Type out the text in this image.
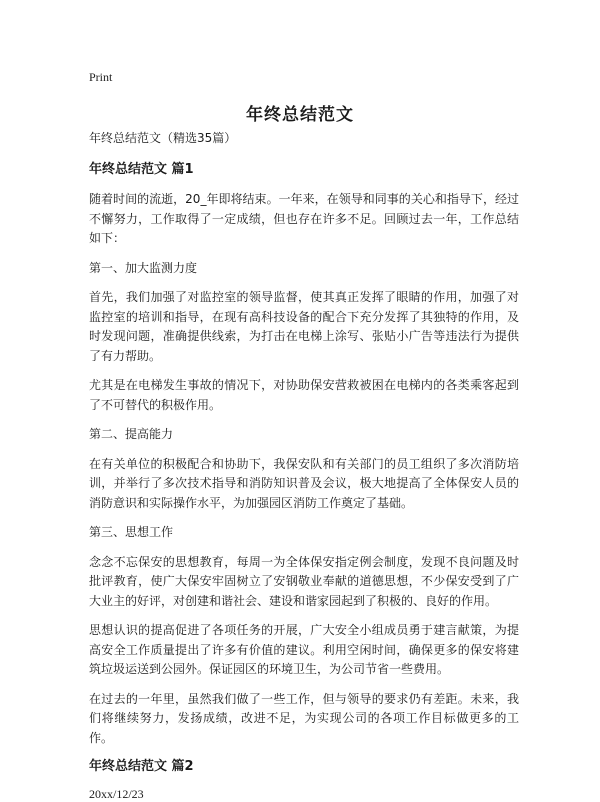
Print
年终总结范文
年终总结范文（精选35篇）
年终总结范文 篇1

随着时间的流逝，20_年即将结束。一年来，在领导和同事的关心和指导下，经过不懈努力，工作取得了一定成绩，但也存在许多不足。回顾过去一年，工作总结如下：

第一、加大监测力度

首先，我们加强了对监控室的领导监督，使其真正发挥了眼睛的作用，加强了对监控室的培训和指导，在现有高科技设备的配合下充分发挥了其独特的作用，及时发现问题，准确提供线索，为打击在电梯上涂写、张贴小广告等违法行为提供了有力帮助。

尤其是在电梯发生事故的情况下，对协助保安营救被困在电梯内的各类乘客起到了不可替代的积极作用。

第二、提高能力

在有关单位的积极配合和协助下，我保安队和有关部门的员工组织了多次消防培训，并举行了多次技术指导和消防知识普及会议，极大地提高了全体保安人员的消防意识和实际操作水平，为加强园区消防工作奠定了基础。

第三、思想工作

念念不忘保安的思想教育，每周一为全体保安指定例会制度，发现不良问题及时批评教育，使广大保安牢固树立了安钢敬业奉献的道德思想，不少保安受到了广大业主的好评，对创建和谐社会、建设和谐家园起到了积极的、良好的作用。

思想认识的提高促进了各项任务的开展，广大安全小组成员勇于建言献策，为提高安全工作质量提出了许多有价值的建议。利用空闲时间，确保更多的保安将建筑垃圾运送到公园外。保证园区的环境卫生，为公司节省一些费用。

在过去的一年里，虽然我们做了一些工作，但与领导的要求仍有差距。未来，我们将继续努力，发扬成绩，改进不足，为实现公司的各项工作目标做更多的工作。

年终总结范文 篇2
20xx/12/23
